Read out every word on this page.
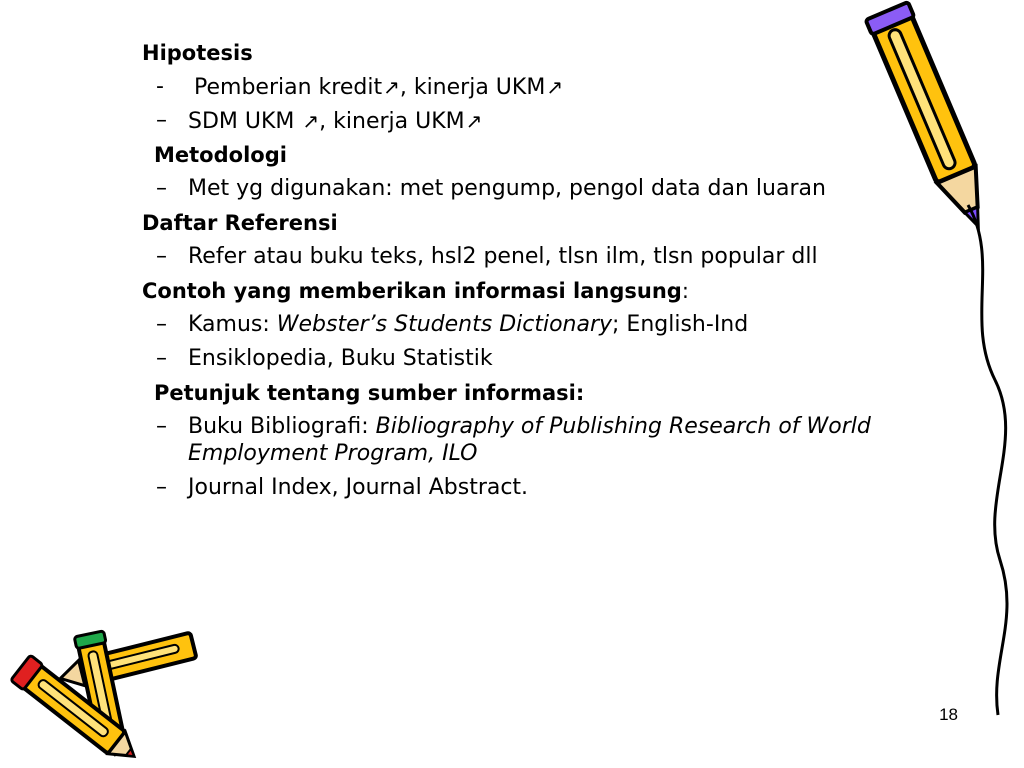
Hipotesis
- Pemberian kredit↗, kinerja UKM↗
– SDM UKM ↗, kinerja UKM↗
Metodologi
– Met yg digunakan: met pengump, pengol data dan luaran
Daftar Referensi
– Refer atau buku teks, hsl2 penel, tlsn ilm, tlsn popular dll
Contoh yang memberikan informasi langsung:
– Kamus: Webster’s Students Dictionary; English-Ind
– Ensiklopedia, Buku Statistik
Petunjuk tentang sumber informasi:
– Buku Bibliografi: Bibliography of Publishing Research of World Employment Program, ILO
– Journal Index, Journal Abstract.
18
